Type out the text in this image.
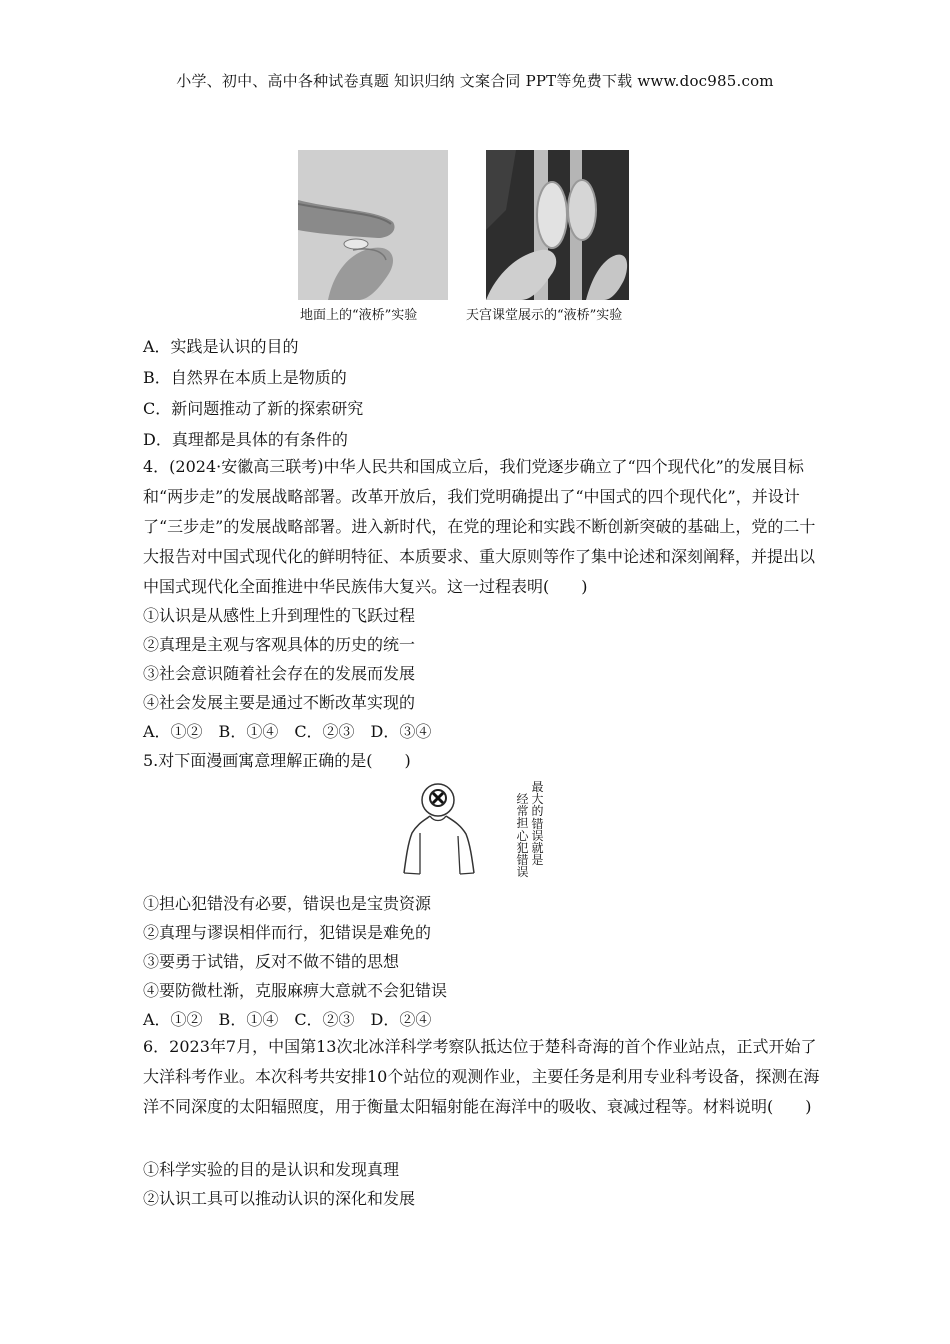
小学、初中、高中各种试卷真题 知识归纳 文案合同 PPT等免费下载 www.doc985.com
地面上的“液桥”实验	天宫课堂展示的“液桥”实验
A．实践是认识的目的
B．自然界在本质上是物质的
C．新问题推动了新的探索研究
D．真理都是具体的有条件的
4．(2024·安徽高三联考)中华人民共和国成立后，我们党逐步确立了“四个现代化”的发展目标和“两步走”的发展战略部署。改革开放后，我们党明确提出了“中国式的四个现代化”，并设计了“三步走”的发展战略部署。进入新时代，在党的理论和实践不断创新突破的基础上，党的二十大报告对中国式现代化的鲜明特征、本质要求、重大原则等作了集中论述和深刻阐释，并提出以中国式现代化全面推进中华民族伟大复兴。这一过程表明(　　)
①认识是从感性上升到理性的飞跃过程
②真理是主观与客观具体的历史的统一
③社会意识随着社会存在的发展而发展
④社会发展主要是通过不断改革实现的
A．①②　B．①④　C．②③　D．③④
5.对下面漫画寓意理解正确的是(　　)
最大的错误就是
经常担心犯错误
①担心犯错没有必要，错误也是宝贵资源
②真理与谬误相伴而行，犯错误是难免的
③要勇于试错，反对不做不错的思想
④要防微杜渐，克服麻痹大意就不会犯错误
A．①②　B．①④　C．②③　D．②④
6．2023年7月，中国第13次北冰洋科学考察队抵达位于楚科奇海的首个作业站点，正式开始了大洋科考作业。本次科考共安排10个站位的观测作业，主要任务是利用专业科考设备，探测在海洋不同深度的太阳辐照度，用于衡量太阳辐射能在海洋中的吸收、衰减过程等。材料说明(　　)
①科学实验的目的是认识和发现真理
②认识工具可以推动认识的深化和发展
